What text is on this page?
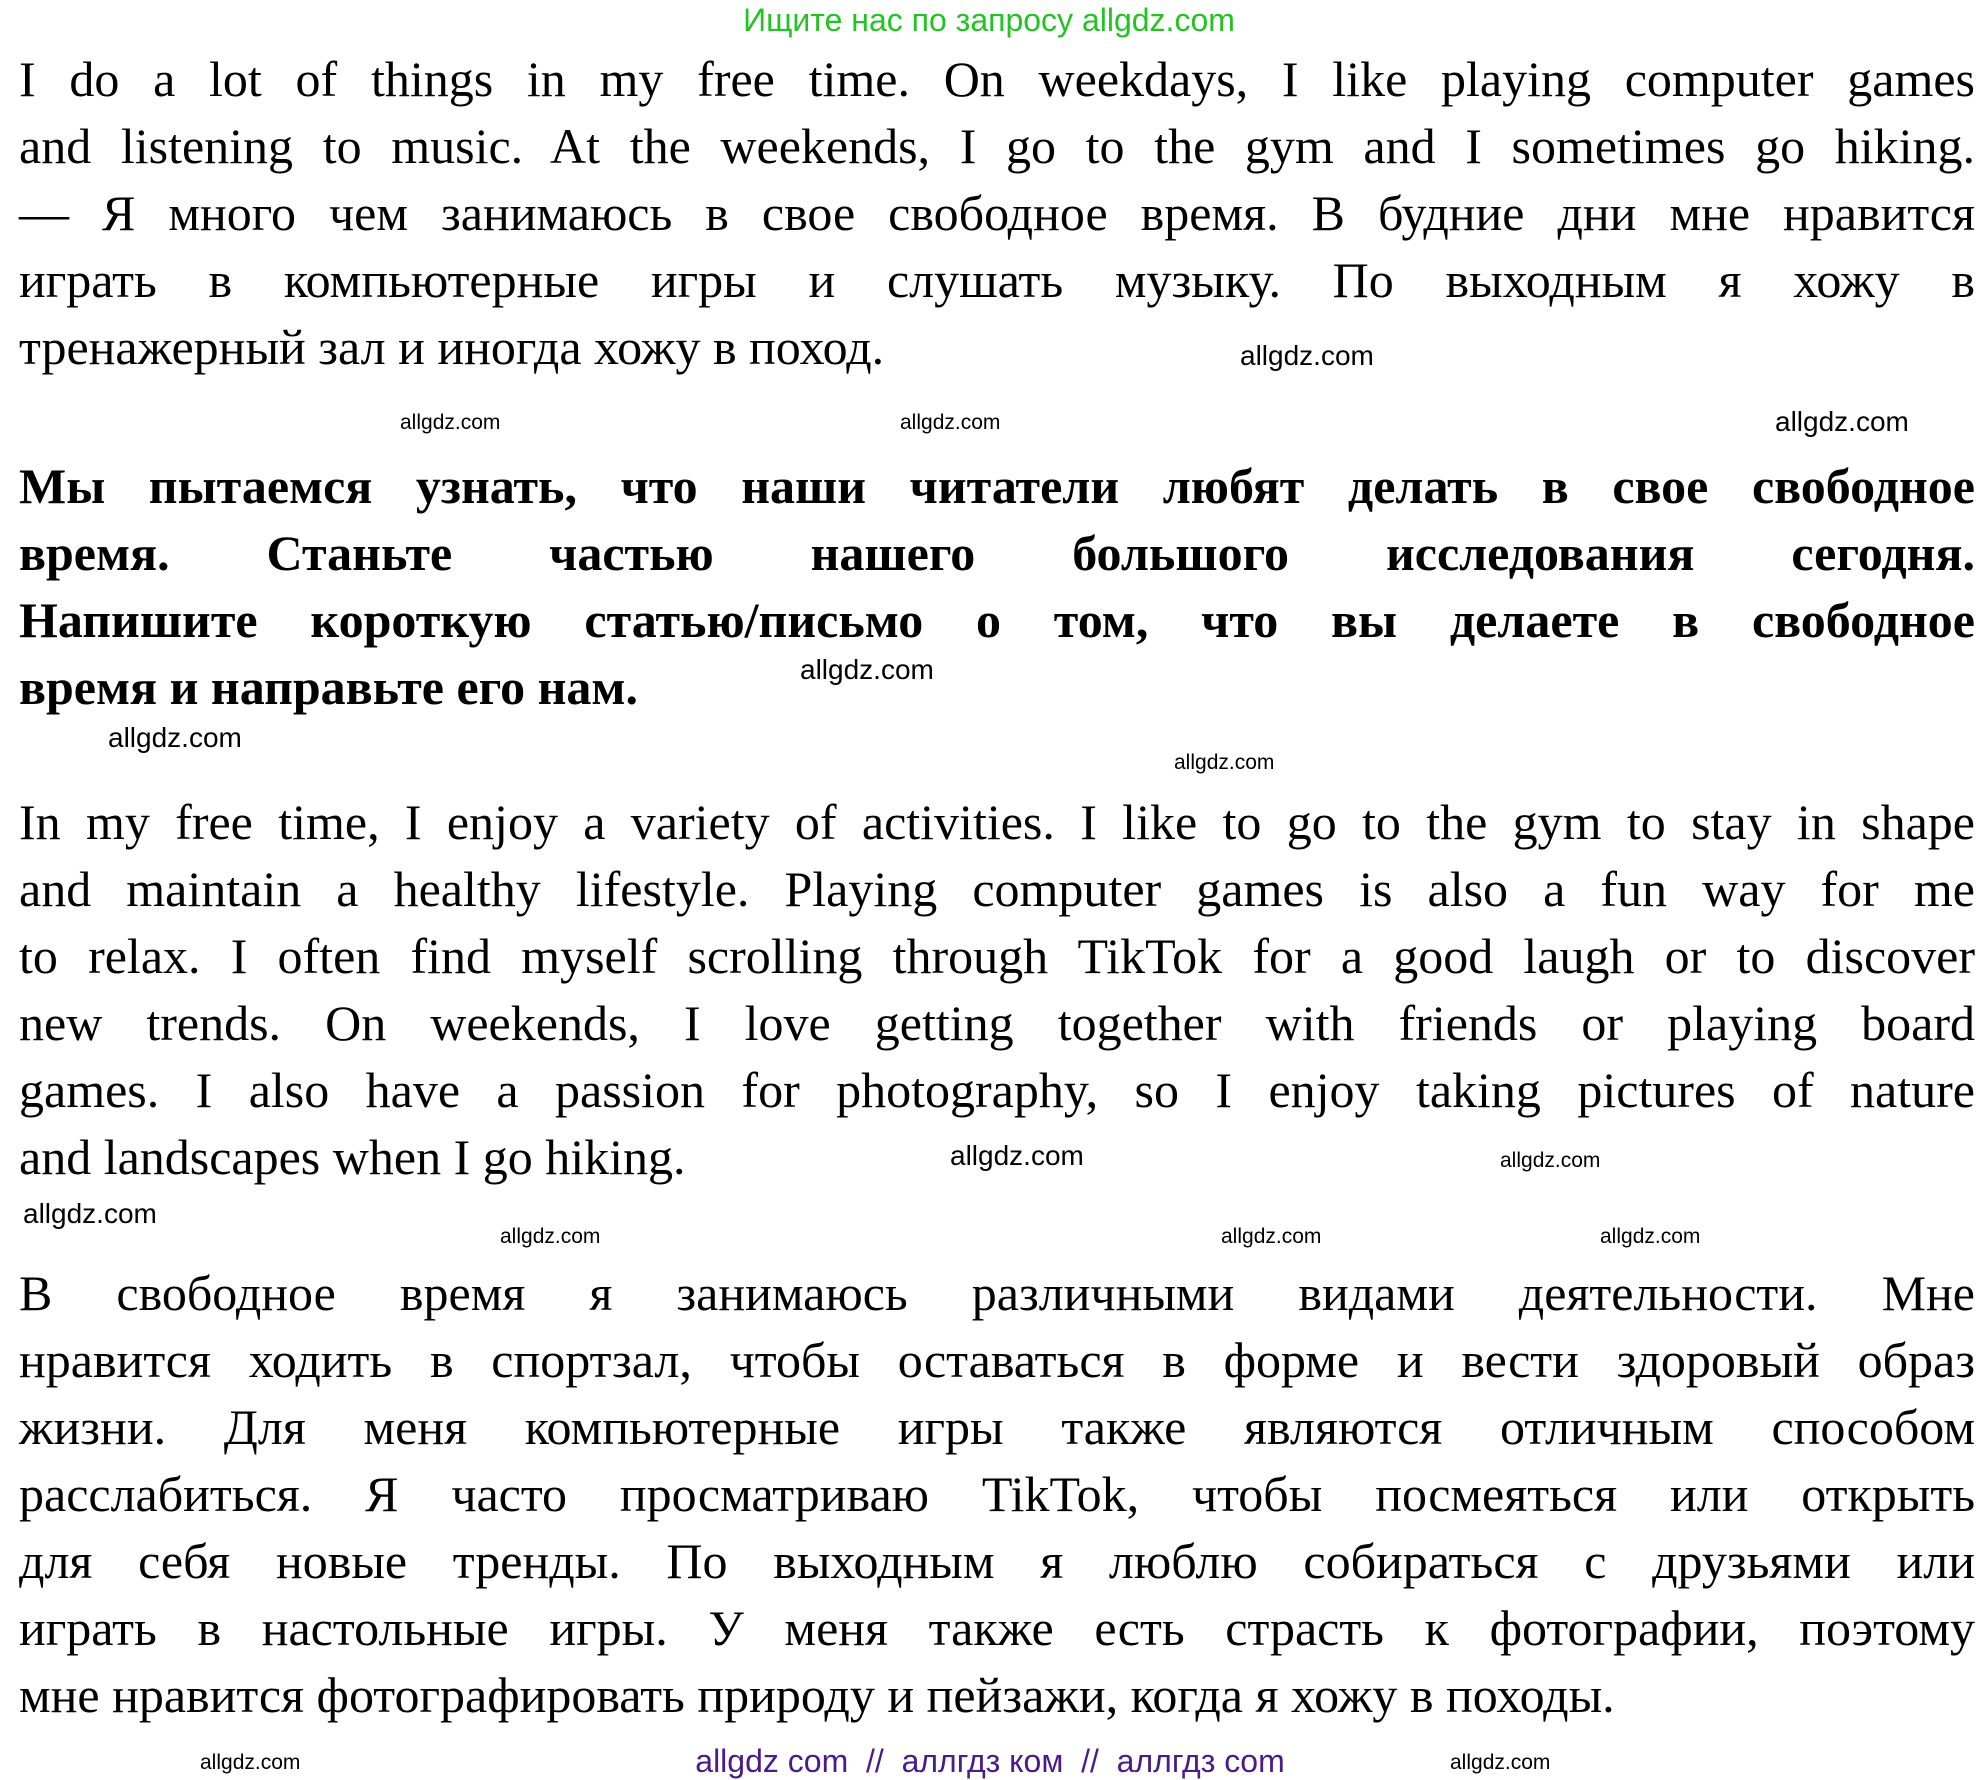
Ищите нас по запросу allgdz.com
I do a lot of things in my free time. On weekdays, I like playing computer games
and listening to music. At the weekends, I go to the gym and I sometimes go hiking.
— Я много чем занимаюсь в свое свободное время. В будние дни мне нравится
играть в компьютерные игры и слушать музыку. По выходным я хожу в
тренажерный зал и иногда хожу в поход.
Мы пытаемся узнать, что наши читатели любят делать в свое свободное
время. Станьте частью нашего большого исследования сегодня.
Напишите короткую статью/письмо о том, что вы делаете в свободное
время и направьте его нам.
In my free time, I enjoy a variety of activities. I like to go to the gym to stay in shape
and maintain a healthy lifestyle. Playing computer games is also a fun way for me
to relax. I often find myself scrolling through TikTok for a good laugh or to discover
new trends. On weekends, I love getting together with friends or playing board
games. I also have a passion for photography, so I enjoy taking pictures of nature
and landscapes when I go hiking.
В свободное время я занимаюсь различными видами деятельности. Мне
нравится ходить в спортзал, чтобы оставаться в форме и вести здоровый образ
жизни. Для меня компьютерные игры также являются отличным способом
расслабиться. Я часто просматриваю TikTok, чтобы посмеяться или открыть
для себя новые тренды. По выходным я люблю собираться с друзьями или
играть в настольные игры. У меня также есть страсть к фотографии, поэтому
мне нравится фотографировать природу и пейзажи, когда я хожу в походы.
allgdz.com	allgdz.com
allgdz.com
allgdz.com
allgdz.com
allgdz.com
allgdz.com
allgdz.com
allgdz.com
allgdz.com
allgdz.com	allgdz.com
allgdz.com
allgdz.com
allgdz.com	allgdz com  //  аллгдз ком  //  аллгдз com
